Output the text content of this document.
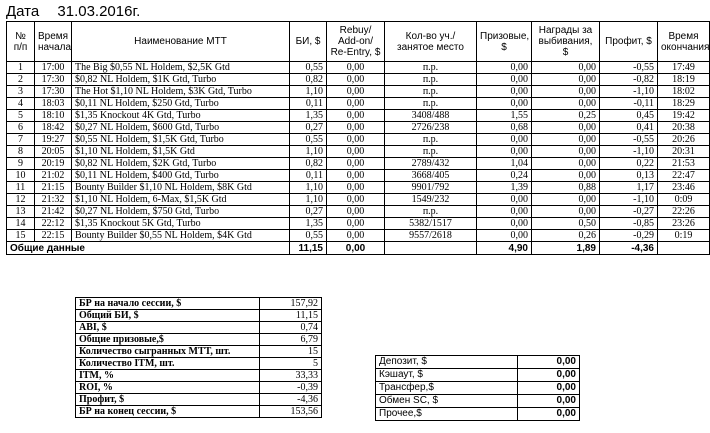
Дата 31.03.2016г.
№ п/п	Время начала	Наименование МТТ	БИ, $	Rebuy/ Add-on/ Re-Entry, $	Кол-во уч./ занятое место	Призовые, $	Награды за выбивания, $	Профит, $	Время окончания
1	17:00	The Big $0,55 NL Holdem, $2,5K Gtd	0,55	0,00	п.р.	0,00	0,00	-0,55	17:49
2	17:30	$0,82 NL Holdem, $1K Gtd, Turbo	0,82	0,00	п.р.	0,00	0,00	-0,82	18:19
3	17:30	The Hot $1,10 NL Holdem, $3K Gtd, Turbo	1,10	0,00	п.р.	0,00	0,00	-1,10	18:02
4	18:03	$0,11 NL Holdem, $250 Gtd, Turbo	0,11	0,00	п.р.	0,00	0,00	-0,11	18:29
5	18:10	$1,35 Knockout 4K Gtd, Turbo	1,35	0,00	3408/488	1,55	0,25	0,45	19:42
6	18:42	$0,27 NL Holdem, $600 Gtd, Turbo	0,27	0,00	2726/238	0,68	0,00	0,41	20:38
7	19:27	$0,55 NL Holdem, $1,5K Gtd, Turbo	0,55	0,00	п.р.	0,00	0,00	-0,55	20:26
8	20:05	$1,10 NL Holdem, $1,5K Gtd	1,10	0,00	п.р.	0,00	0,00	-1,10	20:31
9	20:19	$0,82 NL Holdem, $2K Gtd, Turbo	0,82	0,00	2789/432	1,04	0,00	0,22	21:53
10	21:02	$0,11 NL Holdem, $400 Gtd, Turbo	0,11	0,00	3668/405	0,24	0,00	0,13	22:47
11	21:15	Bounty Builder $1,10 NL Holdem, $8K Gtd	1,10	0,00	9901/792	1,39	0,88	1,17	23:46
12	21:32	$1,10 NL Holdem, 6-Max, $1,5K Gtd	1,10	0,00	1549/232	0,00	0,00	-1,10	0:09
13	21:42	$0,27 NL Holdem, $750 Gtd, Turbo	0,27	0,00	п.р.	0,00	0,00	-0,27	22:26
14	22:12	$1,35 Knockout 5K Gtd, Turbo	1,35	0,00	5382/1517	0,00	0,50	-0,85	23:26
15	22:15	Bounty Builder $0,55 NL Holdem, $4K Gtd	0,55	0,00	9557/2618	0,00	0,26	-0,29	0:19
Общие данные			11,15	0,00		4,90	1,89	-4,36	
БР на начало сессии, $	157,92
Общий БИ, $	11,15
ABI, $	0,74
Общие призовые,$	6,79
Количество сыгранных МТТ, шт.	15
Количество ITM, шт.	5
ITM, %	33,33
ROI, %	-0,39
Профит, $	-4,36
БР на конец сессии, $	153,56
Депозит, $	0,00
Кэшаут, $	0,00
Трансфер,$	0,00
Обмен SC, $	0,00
Прочее,$	0,00
